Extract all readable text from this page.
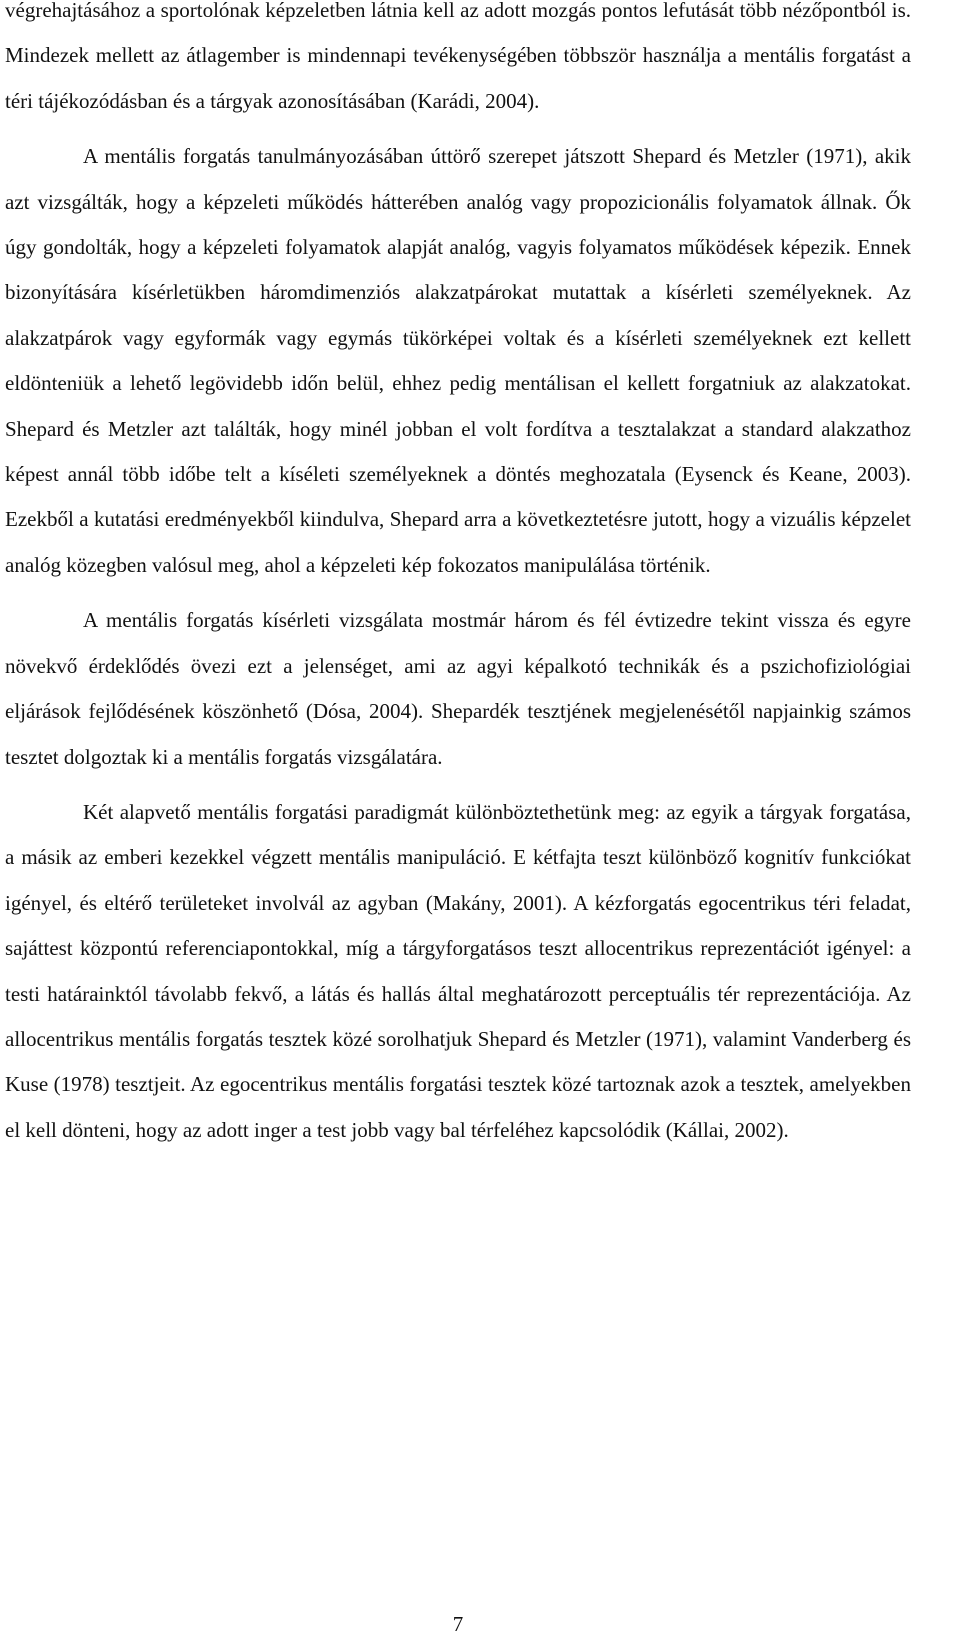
végrehajtásához a sportolónak képzeletben látnia kell az adott mozgás pontos lefutását több nézőpontból is. Mindezek mellett az átlagember is mindennapi tevékenységében többször használja a mentális forgatást a téri tájékozódásban és a tárgyak azonosításában (Karádi, 2004).

A mentális forgatás tanulmányozásában úttörő szerepet játszott Shepard és Metzler (1971), akik azt vizsgálták, hogy a képzeleti működés hátterében analóg vagy propozicionális folyamatok állnak. Ők úgy gondolták, hogy a képzeleti folyamatok alapját analóg, vagyis folyamatos működések képezik. Ennek bizonyítására kísérletükben háromdimenziós alakzatpárokat mutattak a kísérleti személyeknek. Az alakzatpárok vagy egyformák vagy egymás tükörképei voltak és a kísérleti személyeknek ezt kellett eldönteniük a lehető legövidebb időn belül, ehhez pedig mentálisan el kellett forgatniuk az alakzatokat. Shepard és Metzler azt találták, hogy minél jobban el volt fordítva a tesztalakzat a standard alakzathoz képest annál több időbe telt a kíséleti személyeknek a döntés meghozatala (Eysenck és Keane, 2003). Ezekből a kutatási eredményekből kiindulva, Shepard arra a következtetésre jutott, hogy a vizuális képzelet analóg közegben valósul meg, ahol a képzeleti kép fokozatos manipulálása történik.

A mentális forgatás kísérleti vizsgálata mostmár három és fél évtizedre tekint vissza és egyre növekvő érdeklődés övezi ezt a jelenséget, ami az agyi képalkotó technikák és a pszichofiziológiai eljárások fejlődésének köszönhető (Dósa, 2004). Shepardék tesztjének megjelenésétől napjainkig számos tesztet dolgoztak ki a mentális forgatás vizsgálatára.

Két alapvető mentális forgatási paradigmát különböztethetünk meg: az egyik a tárgyak forgatása, a másik az emberi kezekkel végzett mentális manipuláció. E kétfajta teszt különböző kognitív funkciókat igényel, és eltérő területeket involvál az agyban (Makány, 2001). A kézforgatás egocentrikus téri feladat, sajáttest központú referenciapontokkal, míg a tárgyforgatásos teszt allocentrikus reprezentációt igényel: a testi határainktól távolabb fekvő, a látás és hallás által meghatározott perceptuális tér reprezentációja. Az allocentrikus mentális forgatás tesztek közé sorolhatjuk Shepard és Metzler (1971), valamint Vanderberg és Kuse (1978) tesztjeit. Az egocentrikus mentális forgatási tesztek közé tartoznak azok a tesztek, amelyekben el kell dönteni, hogy az adott inger a test jobb vagy bal térfeléhez kapcsolódik (Kállai, 2002).

7
